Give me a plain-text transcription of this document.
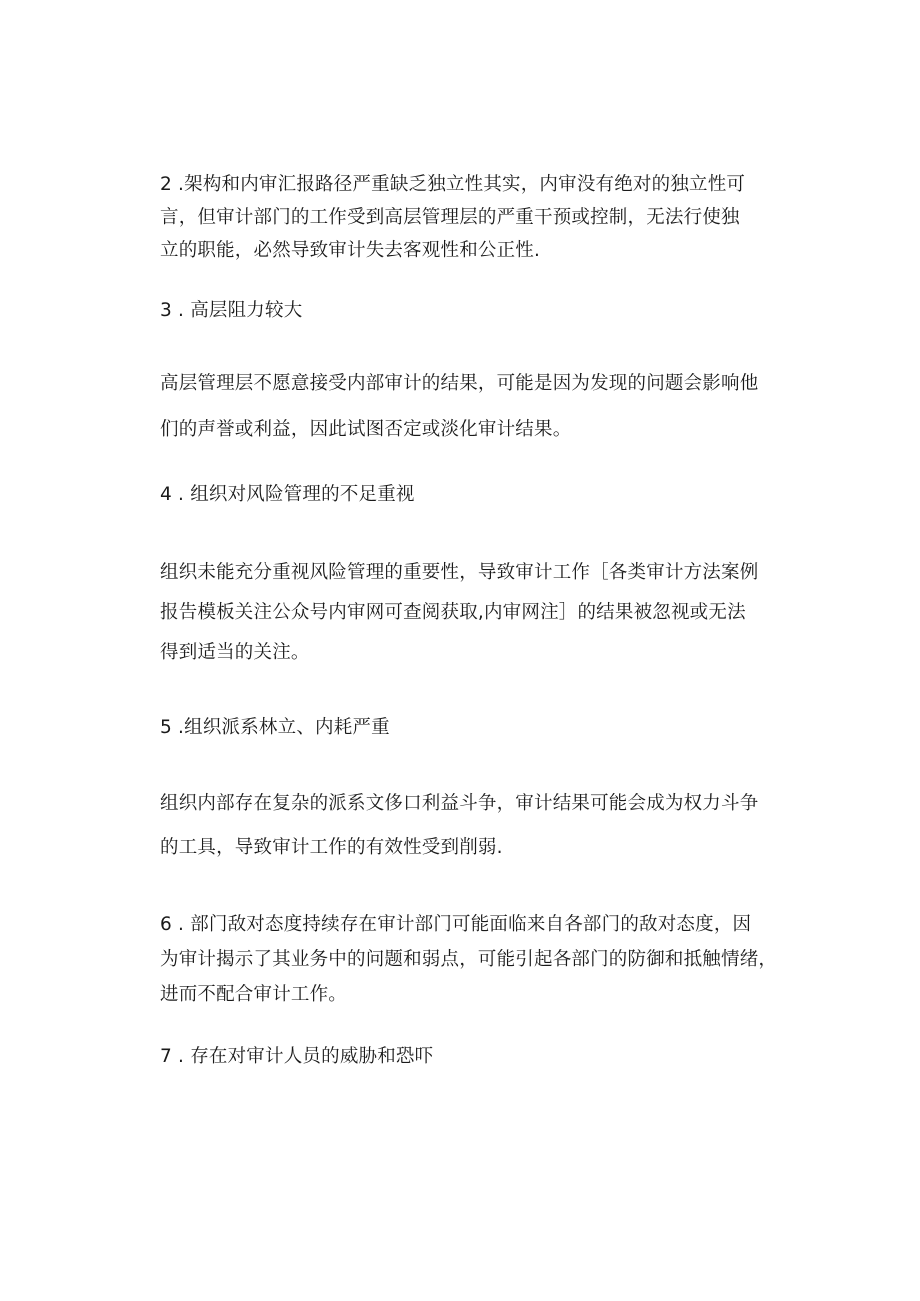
2 .架构和内审汇报路径严重缺乏独立性其实，内审没有绝对的独立性可
言，但审计部门的工作受到高层管理层的严重干预或控制，无法行使独
立的职能，必然导致审计失去客观性和公正性.
3 . 高层阻力较大
高层管理层不愿意接受内部审计的结果，可能是因为发现的问题会影响他
们的声誉或利益，因此试图否定或淡化审计结果。
4 . 组织对风险管理的不足重视
组织未能充分重视风险管理的重要性，导致审计工作［各类审计方法案例
报告模板关注公众号内审网可查阅获取,内审网注］的结果被忽视或无法
得到适当的关注。
5 .组织派系林立、内耗严重
组织内部存在复杂的派系文侈口利益斗争，审计结果可能会成为权力斗争
的工具，导致审计工作的有效性受到削弱.
6 . 部门敌对态度持续存在审计部门可能面临来自各部门的敌对态度，因
为审计揭示了其业务中的问题和弱点，可能引起各部门的防御和抵触情绪，
进而不配合审计工作。
7 . 存在对审计人员的威胁和恐吓
